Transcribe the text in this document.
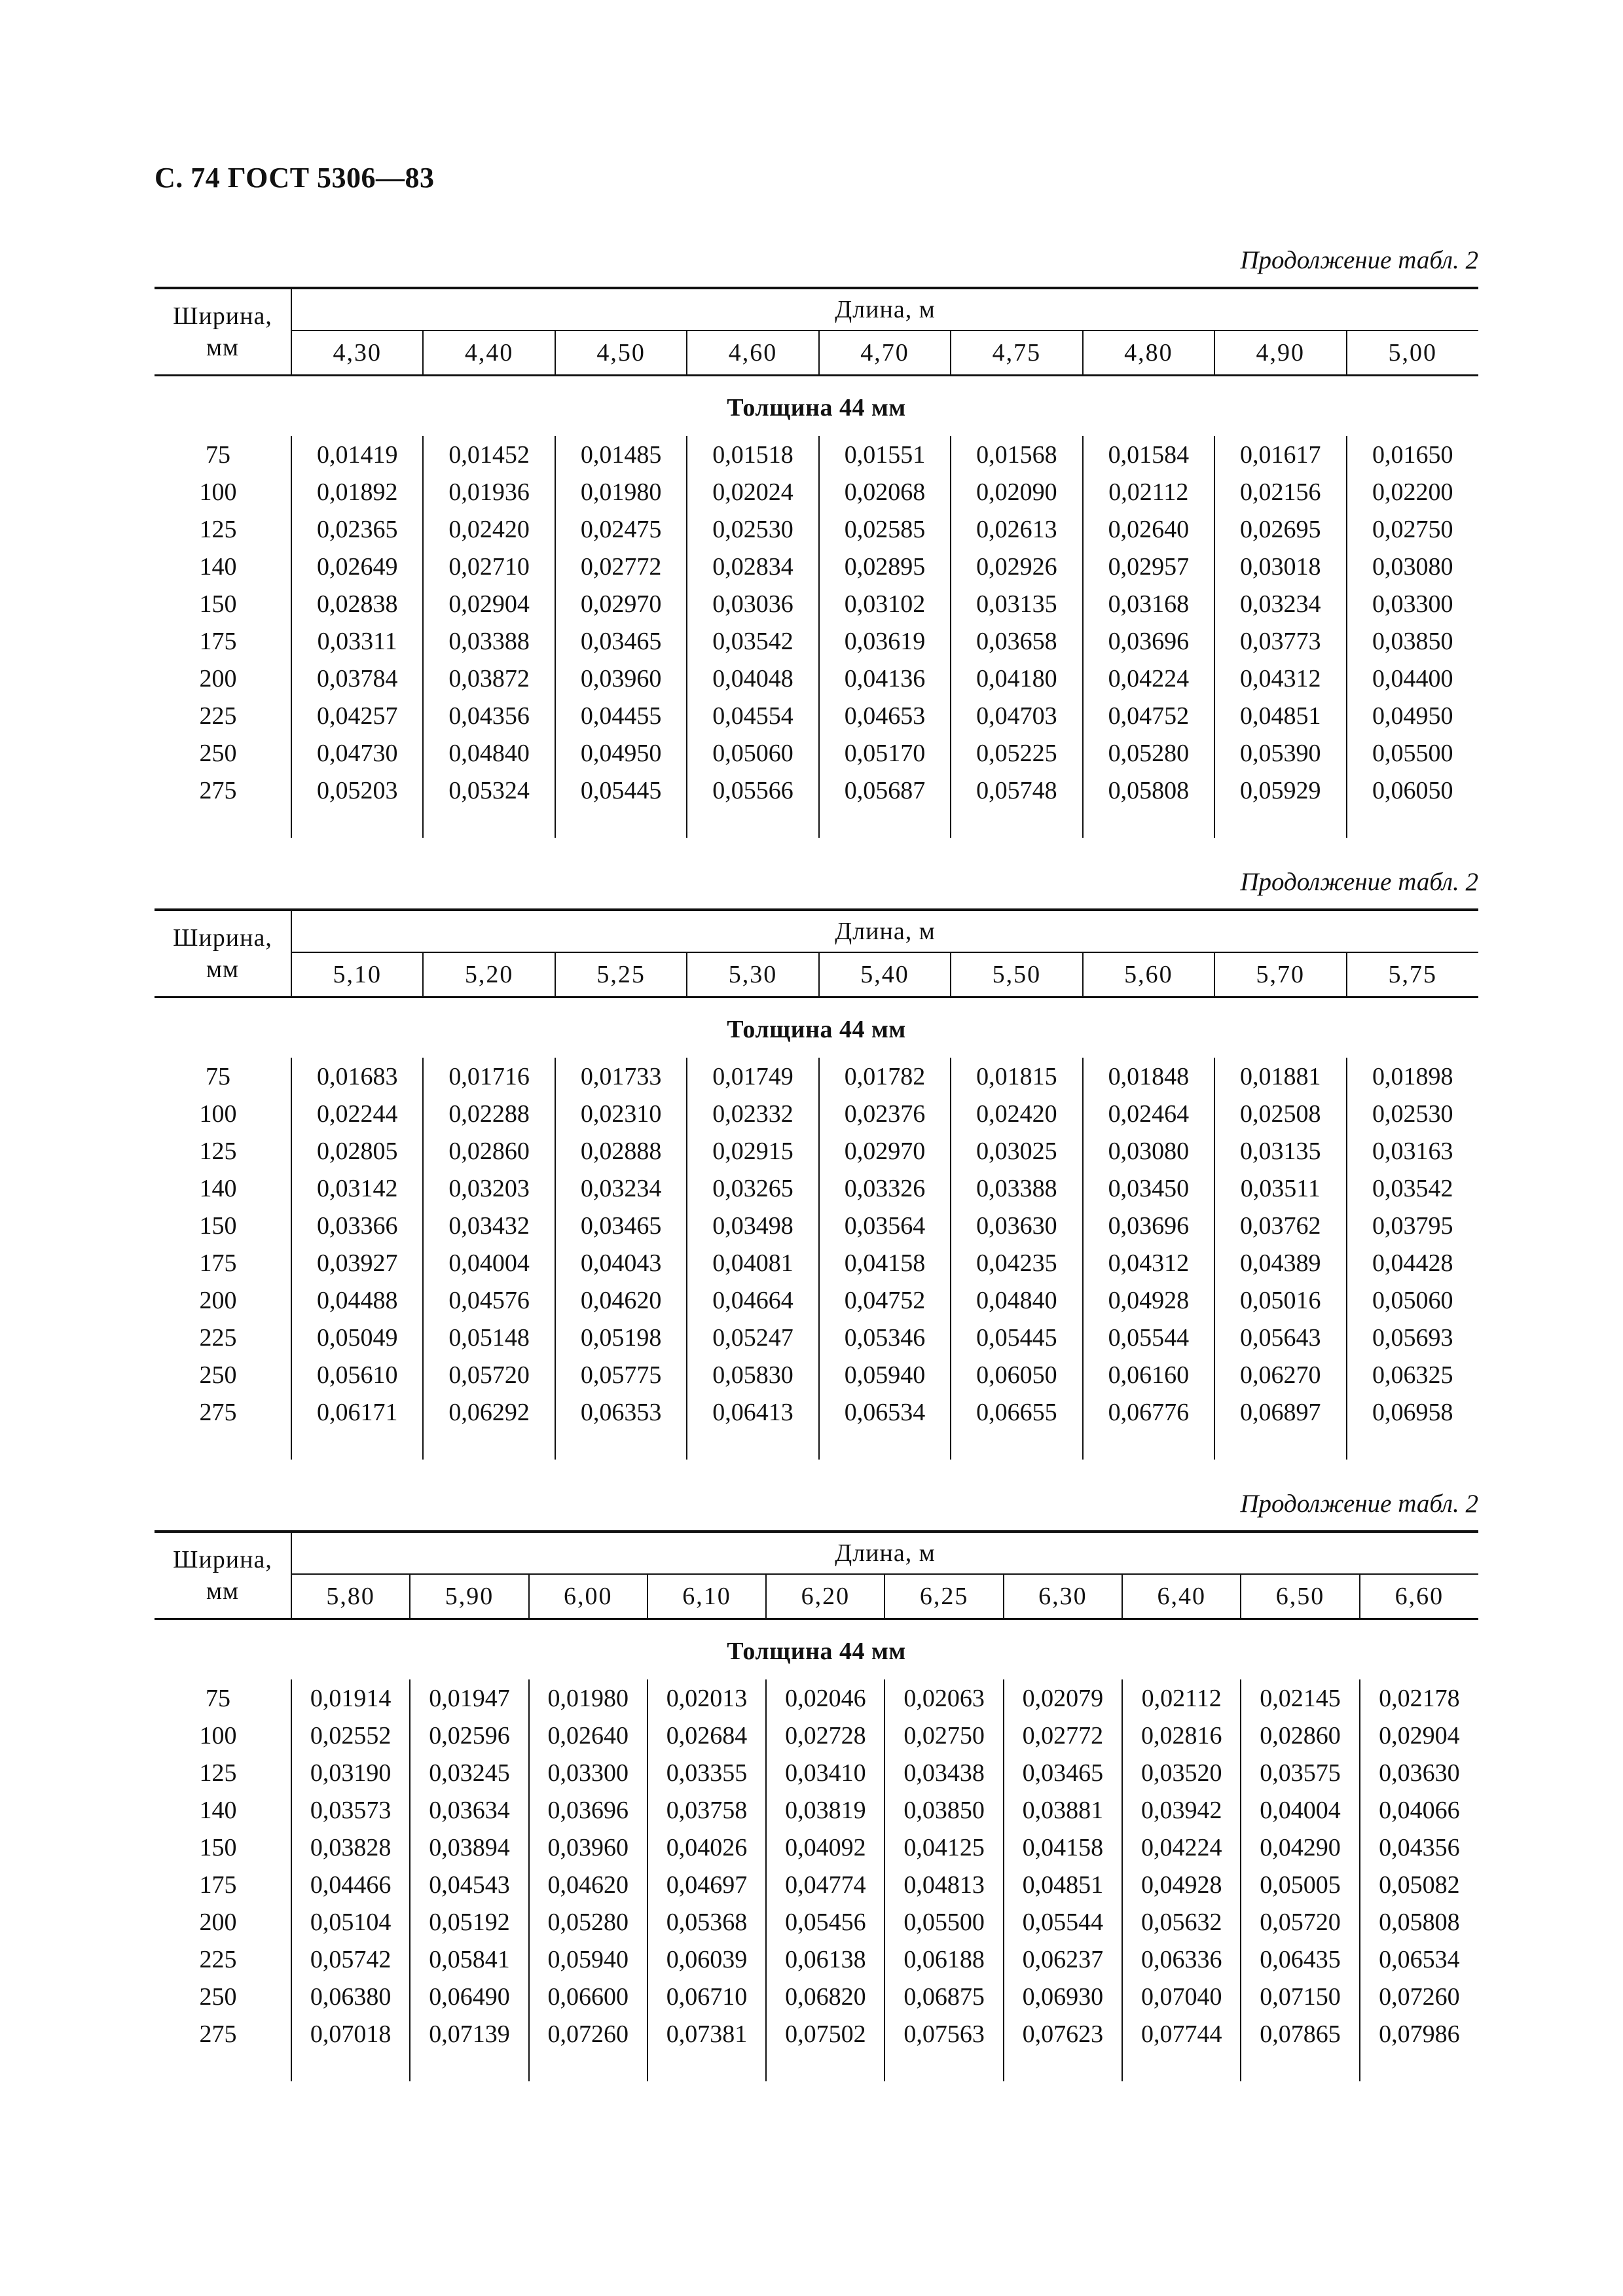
С. 74 ГОСТ 5306—83
Продолжение табл. 2
Ширина, мм	Длина, м								
	4,30	4,40	4,50	4,60	4,70	4,75	4,80	4,90	5,00
Толщина 44 мм									
75	0,01419	0,01452	0,01485	0,01518	0,01551	0,01568	0,01584	0,01617	0,01650
100	0,01892	0,01936	0,01980	0,02024	0,02068	0,02090	0,02112	0,02156	0,02200
125	0,02365	0,02420	0,02475	0,02530	0,02585	0,02613	0,02640	0,02695	0,02750
140	0,02649	0,02710	0,02772	0,02834	0,02895	0,02926	0,02957	0,03018	0,03080
150	0,02838	0,02904	0,02970	0,03036	0,03102	0,03135	0,03168	0,03234	0,03300
175	0,03311	0,03388	0,03465	0,03542	0,03619	0,03658	0,03696	0,03773	0,03850
200	0,03784	0,03872	0,03960	0,04048	0,04136	0,04180	0,04224	0,04312	0,04400
225	0,04257	0,04356	0,04455	0,04554	0,04653	0,04703	0,04752	0,04851	0,04950
250	0,04730	0,04840	0,04950	0,05060	0,05170	0,05225	0,05280	0,05390	0,05500
275	0,05203	0,05324	0,05445	0,05566	0,05687	0,05748	0,05808	0,05929	0,06050

Продолжение табл. 2
Ширина, мм	Длина, м								
	5,10	5,20	5,25	5,30	5,40	5,50	5,60	5,70	5,75
Толщина 44 мм									
75	0,01683	0,01716	0,01733	0,01749	0,01782	0,01815	0,01848	0,01881	0,01898
100	0,02244	0,02288	0,02310	0,02332	0,02376	0,02420	0,02464	0,02508	0,02530
125	0,02805	0,02860	0,02888	0,02915	0,02970	0,03025	0,03080	0,03135	0,03163
140	0,03142	0,03203	0,03234	0,03265	0,03326	0,03388	0,03450	0,03511	0,03542
150	0,03366	0,03432	0,03465	0,03498	0,03564	0,03630	0,03696	0,03762	0,03795
175	0,03927	0,04004	0,04043	0,04081	0,04158	0,04235	0,04312	0,04389	0,04428
200	0,04488	0,04576	0,04620	0,04664	0,04752	0,04840	0,04928	0,05016	0,05060
225	0,05049	0,05148	0,05198	0,05247	0,05346	0,05445	0,05544	0,05643	0,05693
250	0,05610	0,05720	0,05775	0,05830	0,05940	0,06050	0,06160	0,06270	0,06325
275	0,06171	0,06292	0,06353	0,06413	0,06534	0,06655	0,06776	0,06897	0,06958

Продолжение табл. 2
Ширина, мм	Длина, м									
	5,80	5,90	6,00	6,10	6,20	6,25	6,30	6,40	6,50	6,60
Толщина 44 мм										
75	0,01914	0,01947	0,01980	0,02013	0,02046	0,02063	0,02079	0,02112	0,02145	0,02178
100	0,02552	0,02596	0,02640	0,02684	0,02728	0,02750	0,02772	0,02816	0,02860	0,02904
125	0,03190	0,03245	0,03300	0,03355	0,03410	0,03438	0,03465	0,03520	0,03575	0,03630
140	0,03573	0,03634	0,03696	0,03758	0,03819	0,03850	0,03881	0,03942	0,04004	0,04066
150	0,03828	0,03894	0,03960	0,04026	0,04092	0,04125	0,04158	0,04224	0,04290	0,04356
175	0,04466	0,04543	0,04620	0,04697	0,04774	0,04813	0,04851	0,04928	0,05005	0,05082
200	0,05104	0,05192	0,05280	0,05368	0,05456	0,05500	0,05544	0,05632	0,05720	0,05808
225	0,05742	0,05841	0,05940	0,06039	0,06138	0,06188	0,06237	0,06336	0,06435	0,06534
250	0,06380	0,06490	0,06600	0,06710	0,06820	0,06875	0,06930	0,07040	0,07150	0,07260
275	0,07018	0,07139	0,07260	0,07381	0,07502	0,07563	0,07623	0,07744	0,07865	0,07986
